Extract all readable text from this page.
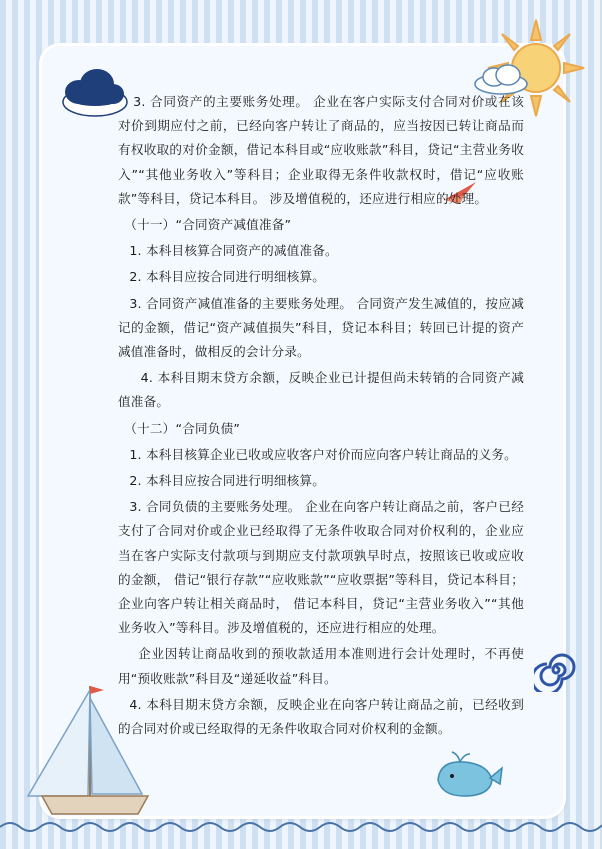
3. 合同资产的主要账务处理。 企业在客户实际支付合同对价或在该对价到期应付之前，已经向客户转让了商品的，应当按因已转让商品而有权收取的对价金额，借记本科目或“应收账款”科目，贷记“主营业务收入”“其他业务收入”等科目；企业取得无条件收款权时，借记“应收账款”等科目，贷记本科目。 涉及增值税的，还应进行相应的处理。

（十一）“合同资产减值准备”

1. 本科目核算合同资产的减值准备。

2. 本科目应按合同进行明细核算。

3. 合同资产减值准备的主要账务处理。 合同资产发生减值的，按应减记的金额，借记“资产减值损失”科目，贷记本科目；转回已计提的资产减值准备时，做相反的会计分录。

4. 本科目期末贷方余额，反映企业已计提但尚未转销的合同资产减值准备。

（十二）“合同负债”

1. 本科目核算企业已收或应收客户对价而应向客户转让商品的义务。

2. 本科目应按合同进行明细核算。

3. 合同负债的主要账务处理。 企业在向客户转让商品之前，客户已经支付了合同对价或企业已经取得了无条件收取合同对价权利的，企业应当在客户实际支付款项与到期应支付款项孰早时点，按照该已收或应收的金额， 借记“银行存款”“应收账款”“应收票据”等科目，贷记本科目；企业向客户转让相关商品时， 借记本科目，贷记“主营业务收入”“其他业务收入”等科目。涉及增值税的，还应进行相应的处理。

企业因转让商品收到的预收款适用本准则进行会计处理时，不再使用“预收账款”科目及“递延收益”科目。

4. 本科目期末贷方余额，反映企业在向客户转让商品之前，已经收到的合同对价或已经取得的无条件收取合同对价权利的金额。
